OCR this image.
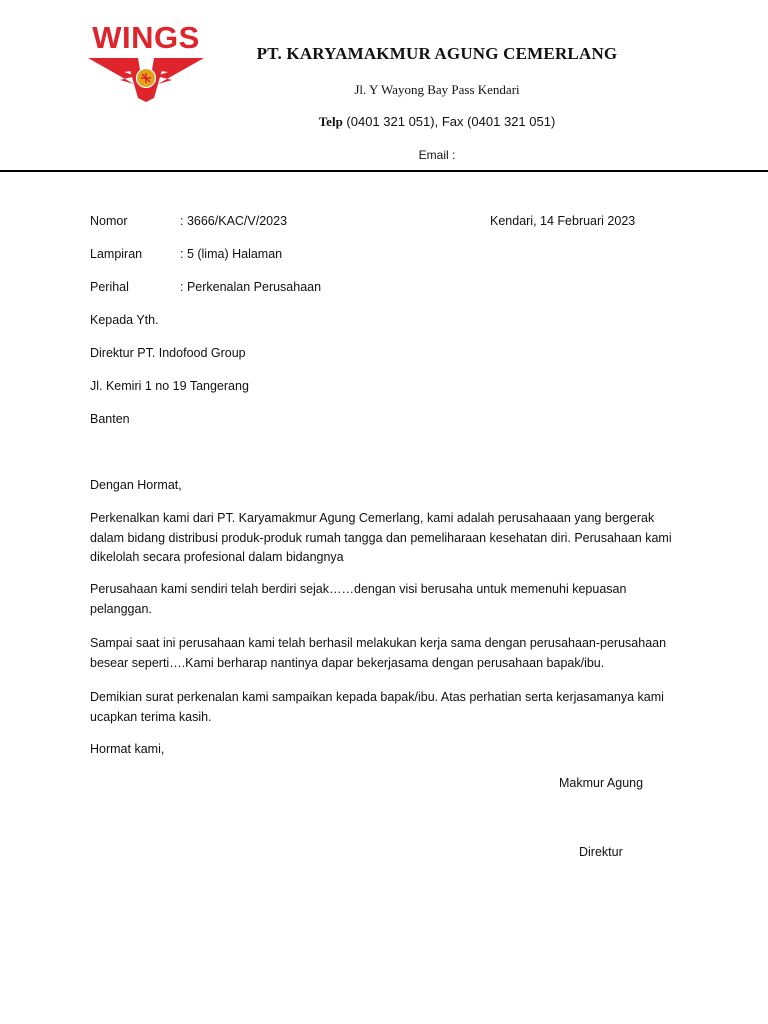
WINGS	PT. KARYAMAKMUR AGUNG CEMERLANG
Jl. Y Wayong Bay Pass Kendari
Telp (0401 321 051), Fax (0401 321 051)
Email :
Nomor	: 3666/KAC/V/2023	Kendari, 14 Februari 2023
Lampiran	: 5 (lima) Halaman
Perihal	: Perkenalan Perusahaan
Kepada Yth.
Direktur PT. Indofood Group
Jl. Kemiri 1 no 19 Tangerang
Banten
Dengan Hormat,
Perkenalkan kami dari PT. Karyamakmur Agung Cemerlang, kami adalah perusahaaan yang bergerak dalam bidang distribusi produk-produk rumah tangga dan pemeliharaan kesehatan diri. Perusahaan kami dikelolah secara profesional dalam bidangnya
Perusahaan kami sendiri telah berdiri sejak……dengan visi berusaha untuk memenuhi kepuasan pelanggan.
Sampai saat ini perusahaan kami telah berhasil melakukan kerja sama dengan perusahaan-perusahaan besear seperti….Kami berharap nantinya dapar bekerjasama dengan perusahaan bapak/ibu.
Demikian surat perkenalan kami sampaikan kepada bapak/ibu. Atas perhatian serta kerjasamanya kami ucapkan terima kasih.
Hormat kami,
Makmur Agung
Direktur
